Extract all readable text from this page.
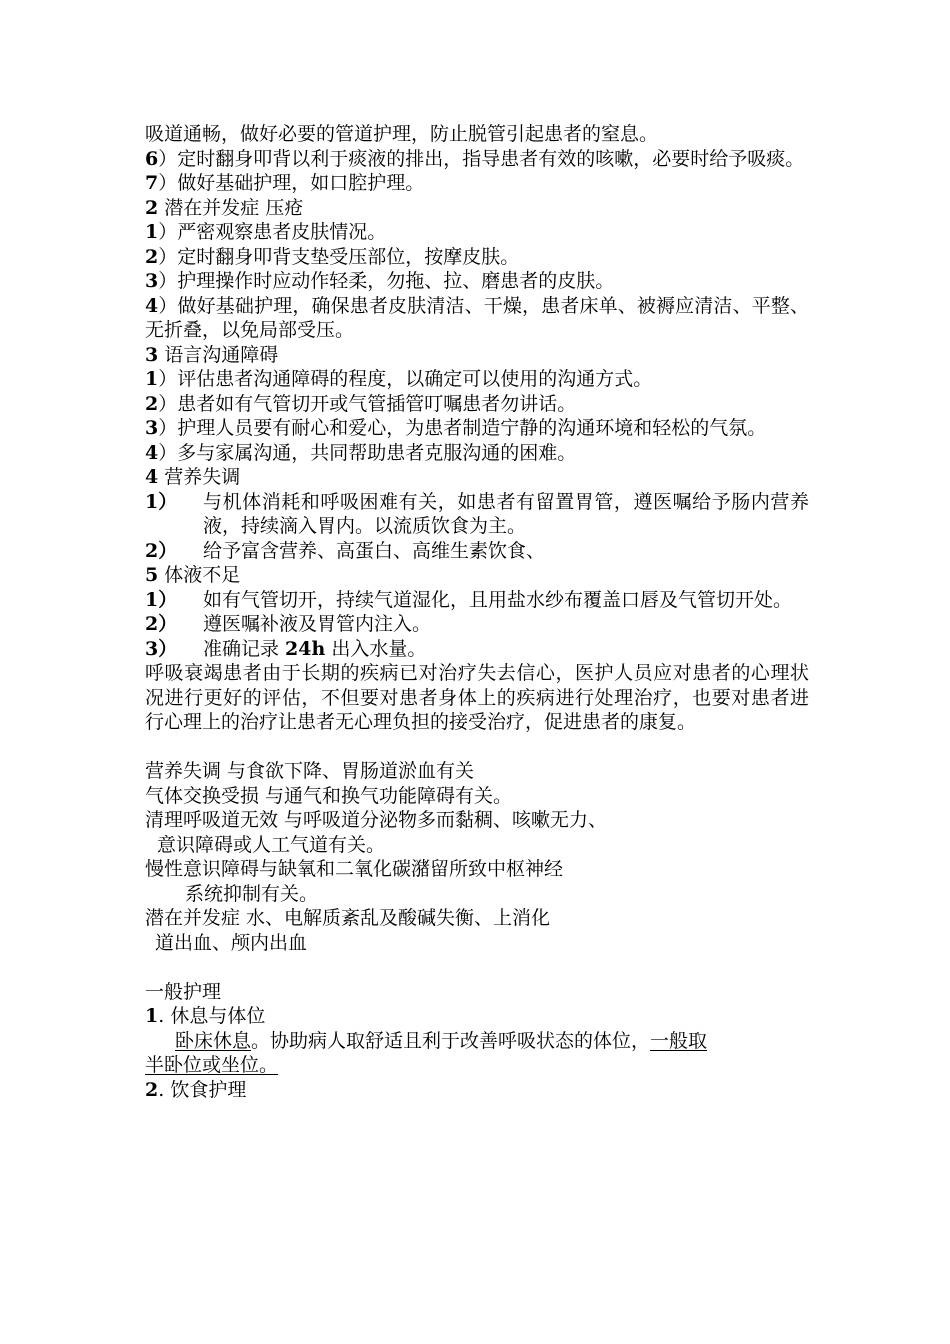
吸道通畅，做好必要的管道护理，防止脱管引起患者的窒息。
6）定时翻身叩背以利于痰液的排出，指导患者有效的咳嗽，必要时给予吸痰。
7）做好基础护理，如口腔护理。
2 潜在并发症 压疮
1）严密观察患者皮肤情况。
2）定时翻身叩背支垫受压部位，按摩皮肤。
3）护理操作时应动作轻柔，勿拖、拉、磨患者的皮肤。
4）做好基础护理，确保患者皮肤清洁、干燥，患者床单、被褥应清洁、平整、无折叠，以免局部受压。
3 语言沟通障碍
1）评估患者沟通障碍的程度，以确定可以使用的沟通方式。
2）患者如有气管切开或气管插管叮嘱患者勿讲话。
3）护理人员要有耐心和爱心，为患者制造宁静的沟通环境和轻松的气氛。
4）多与家属沟通，共同帮助患者克服沟通的困难。
4 营养失调
1）	与机体消耗和呼吸困难有关，如患者有留置胃管，遵医嘱给予肠内营养液，持续滴入胃内。以流质饮食为主。
2）	给予富含营养、高蛋白、高维生素饮食、
5 体液不足
1）	如有气管切开，持续气道湿化，且用盐水纱布覆盖口唇及气管切开处。
2）	遵医嘱补液及胃管内注入。
3）	准确记录 24h 出入水量。
呼吸衰竭患者由于长期的疾病已对治疗失去信心，医护人员应对患者的心理状况进行更好的评估，不但要对患者身体上的疾病进行处理治疗，也要对患者进行心理上的治疗让患者无心理负担的接受治疗，促进患者的康复。
营养失调 与食欲下降、胃肠道淤血有关
气体交换受损 与通气和换气功能障碍有关。
清理呼吸道无效 与呼吸道分泌物多而黏稠、咳嗽无力、
意识障碍或人工气道有关。
慢性意识障碍与缺氧和二氧化碳潴留所致中枢神经
系统抑制有关。
潜在并发症 水、电解质紊乱及酸碱失衡、上消化
道出血、颅内出血
一般护理
1. 休息与体位
卧床休息。协助病人取舒适且利于改善呼吸状态的体位，一般取
半卧位或坐位。
2. 饮食护理
